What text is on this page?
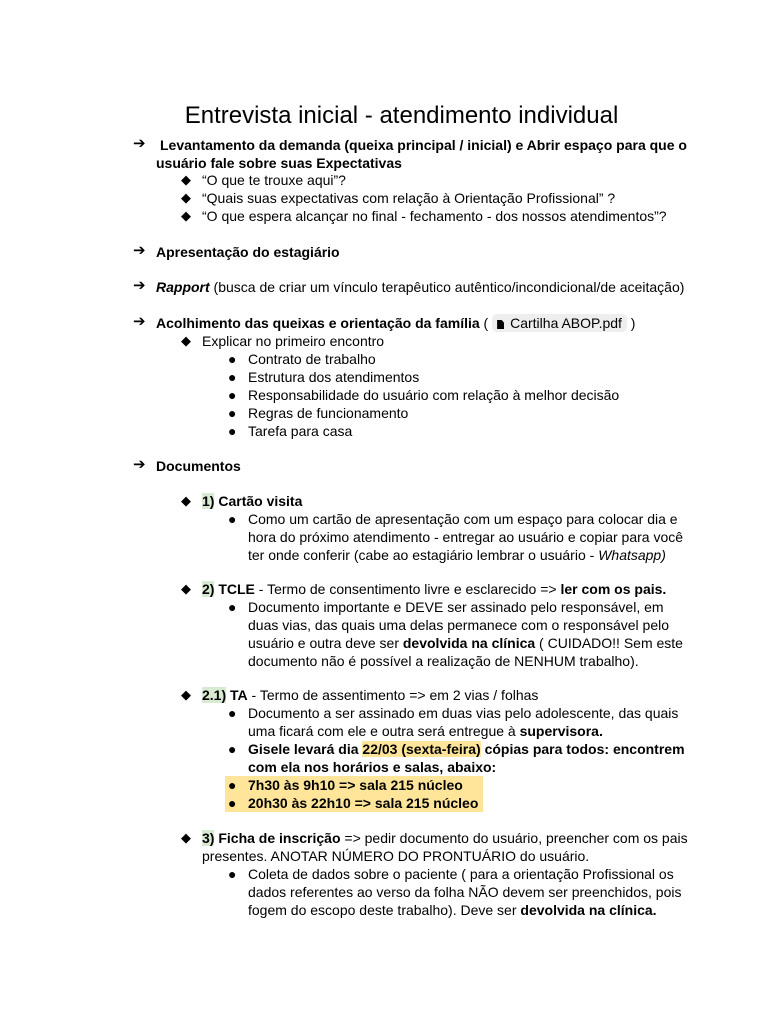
Entrevista inicial - atendimento individual
➔ Levantamento da demanda (queixa principal / inicial) e Abrir espaço para que o
usuário fale sobre suas Expectativas
◆ “O que te trouxe aqui”?
◆ “Quais suas expectativas com relação à Orientação Profissional” ?
◆ “O que espera alcançar no final - fechamento - dos nossos atendimentos”?
➔ Apresentação do estagiário
➔ Rapport (busca de criar um vínculo terapêutico autêntico/incondicional/de aceitação)
➔ Acolhimento das queixas e orientação da família ( Cartilha ABOP.pdf )
◆ Explicar no primeiro encontro
● Contrato de trabalho
● Estrutura dos atendimentos
● Responsabilidade do usuário com relação à melhor decisão
● Regras de funcionamento
● Tarefa para casa
➔ Documentos
◆ 1) Cartão visita
● Como um cartão de apresentação com um espaço para colocar dia e
hora do próximo atendimento - entregar ao usuário e copiar para você
ter onde conferir (cabe ao estagiário lembrar o usuário - Whatsapp)
◆ 2) TCLE - Termo de consentimento livre e esclarecido => ler com os pais.
● Documento importante e DEVE ser assinado pelo responsável, em
duas vias, das quais uma delas permanece com o responsável pelo
usuário e outra deve ser devolvida na clínica ( CUIDADO!! Sem este
documento não é possível a realização de NENHUM trabalho).
◆ 2.1) TA - Termo de assentimento => em 2 vias / folhas
● Documento a ser assinado em duas vias pelo adolescente, das quais
uma ficará com ele e outra será entregue à supervisora.
● Gisele levará dia 22/03 (sexta-feira) cópias para todos: encontrem
com ela nos horários e salas, abaixo:
● 7h30 às 9h10 => sala 215 núcleo
● 20h30 às 22h10 => sala 215 núcleo
◆ 3) Ficha de inscrição => pedir documento do usuário, preencher com os pais
presentes. ANOTAR NÚMERO DO PRONTUÁRIO do usuário.
● Coleta de dados sobre o paciente ( para a orientação Profissional os
dados referentes ao verso da folha NÃO devem ser preenchidos, pois
fogem do escopo deste trabalho). Deve ser devolvida na clínica.
